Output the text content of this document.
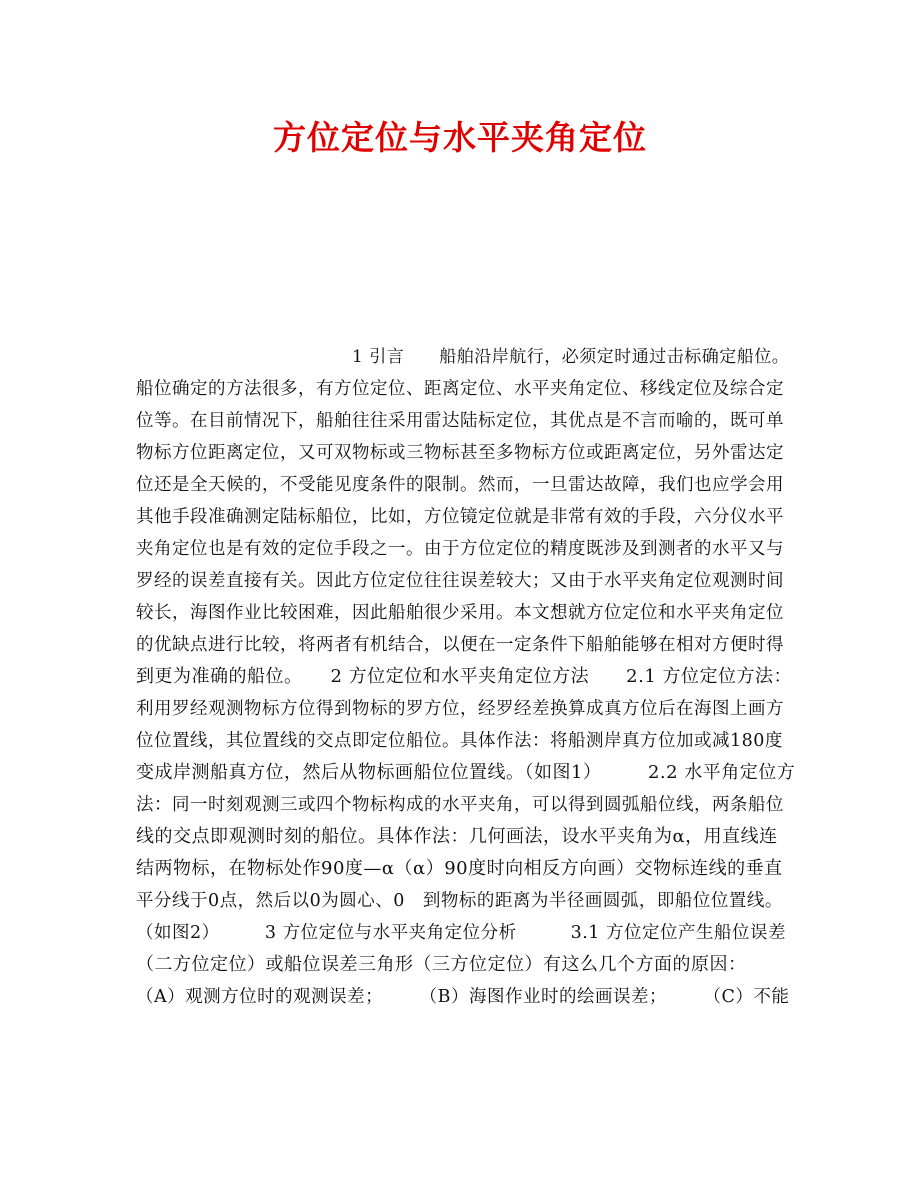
方位定位与水平夹角定位
1 引言　　船舶沿岸航行，必须定时通过击标确定船位。
船位确定的方法很多，有方位定位、距离定位、水平夹角定位、移线定位及综合定
位等。在目前情况下，船舶往往采用雷达陆标定位，其优点是不言而喻的，既可单
物标方位距离定位，又可双物标或三物标甚至多物标方位或距离定位，另外雷达定
位还是全天候的，不受能见度条件的限制。然而，一旦雷达故障，我们也应学会用
其他手段准确测定陆标船位，比如，方位镜定位就是非常有效的手段，六分仪水平
夹角定位也是有效的定位手段之一。由于方位定位的精度既涉及到测者的水平又与
罗经的误差直接有关。因此方位定位往往误差较大；又由于水平夹角定位观测时间
较长，海图作业比较困难，因此船舶很少采用。本文想就方位定位和水平夹角定位
的优缺点进行比较，将两者有机结合，以便在一定条件下船舶能够在相对方便时得
到更为准确的船位。　　2 方位定位和水平夹角定位方法　　2.1 方位定位方法：
利用罗经观测物标方位得到物标的罗方位，经罗经差换算成真方位后在海图上画方
位位置线，其位置线的交点即定位船位。具体作法：将船测岸真方位加或减180度
变成岸测船真方位，然后从物标画船位位置线。（如图1）　　　2.2 水平角定位方
法：同一时刻观测三或四个物标构成的水平夹角，可以得到圆弧船位线，两条船位
线的交点即观测时刻的船位。具体作法：几何画法，设水平夹角为α，用直线连
结两物标，在物标处作90度—α（α）90度时向相反方向画）交物标连线的垂直
平分线于0点，然后以0为圆心、0　到物标的距离为半径画圆弧，即船位位置线。
（如图2）　　　3 方位定位与水平夹角定位分析　　　3.1 方位定位产生船位误差
（二方位定位）或船位误差三角形（三方位定位）有这么几个方面的原因：
（A）观测方位时的观测误差；　　　（B）海图作业时的绘画误差；　　　（C）不能
